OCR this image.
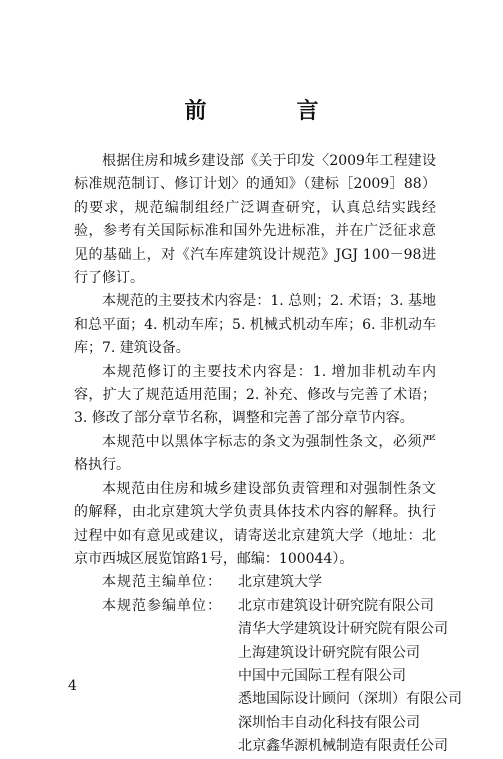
前　言

根据住房和城乡建设部《关于印发〈2009年工程建设标准规范制订、修订计划〉的通知》（建标［2009］88）的要求，规范编制组经广泛调查研究，认真总结实践经验，参考有关国际标准和国外先进标准，并在广泛征求意见的基础上，对《汽车库建筑设计规范》JGJ 100－98进行了修订。

本规范的主要技术内容是：1. 总则；2. 术语；3. 基地和总平面；4. 机动车库；5. 机械式机动车库；6. 非机动车库；7. 建筑设备。

本规范修订的主要技术内容是：1. 增加非机动车内容，扩大了规范适用范围；2. 补充、修改与完善了术语；3. 修改了部分章节名称，调整和完善了部分章节内容。

本规范中以黑体字标志的条文为强制性条文，必须严格执行。

本规范由住房和城乡建设部负责管理和对强制性条文的解释，由北京建筑大学负责具体技术内容的解释。执行过程中如有意见或建议，请寄送北京建筑大学（地址：北京市西城区展览馆路1号，邮编：100044）。

本规范主编单位：	北京建筑大学
本规范参编单位：	北京市建筑设计研究院有限公司
清华大学建筑设计研究院有限公司
上海建筑设计研究院有限公司
中国中元国际工程有限公司
悉地国际设计顾问（深圳）有限公司
深圳怡丰自动化科技有限公司
北京鑫华源机械制造有限责任公司
4
